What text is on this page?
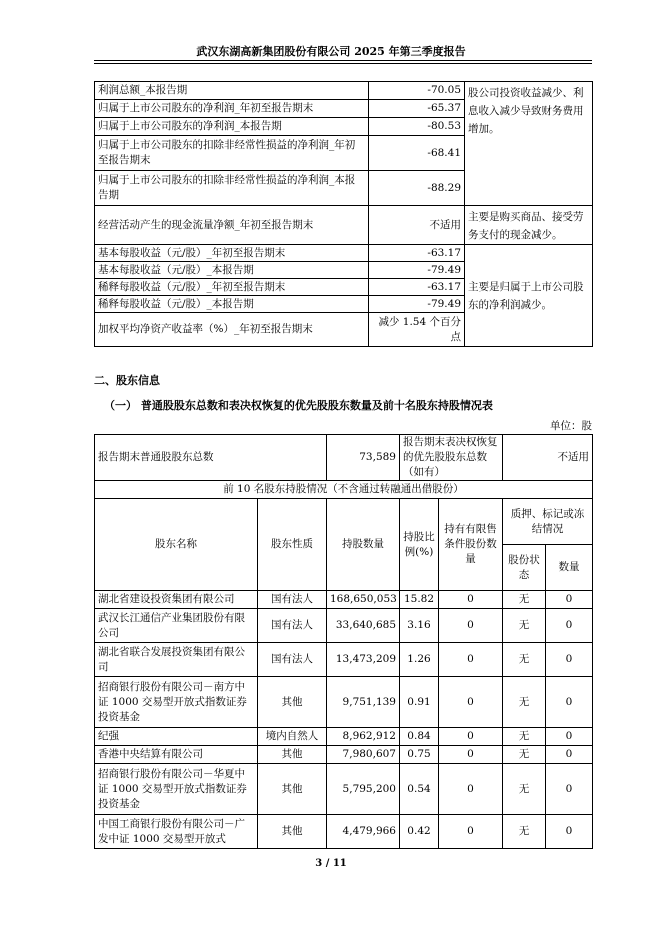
武汉东湖高新集团股份有限公司 2025 年第三季度报告
利润总额_本报告期	-70.05	股公司投资收益减少、利息收入减少导致财务费用增加。
归属于上市公司股东的净利润_年初至报告期末	-65.37	
归属于上市公司股东的净利润_本报告期	-80.53	
归属于上市公司股东的扣除非经常性损益的净利润_年初至报告期末	-68.41	
归属于上市公司股东的扣除非经常性损益的净利润_本报告期	-88.29	
经营活动产生的现金流量净额_年初至报告期末	不适用	主要是购买商品、接受劳务支付的现金减少。
基本每股收益（元/股）_年初至报告期末	-63.17	主要是归属于上市公司股东的净利润减少。
基本每股收益（元/股）_本报告期	-79.49	
稀释每股收益（元/股）_年初至报告期末	-63.17	
稀释每股收益（元/股）_本报告期	-79.49	
加权平均净资产收益率（%）_年初至报告期末	减少 1.54 个百分点	
二、股东信息
（一） 普通股股东总数和表决权恢复的优先股股东数量及前十名股东持股情况表
单位：股
报告期末普通股股东总数		73,589	报告期末表决权恢复的优先股股东总数（如有）		不适用	
前 10 名股东持股情况（不含通过转融通出借股份）						
股东名称	股东性质	持股数量	持股比例(%)	持有有限售条件股份数量	质押、标记或冻结情况	
					股份状态	数量
湖北省建设投资集团有限公司	国有法人	168,650,053	15.82	0	无	0
武汉长江通信产业集团股份有限公司	国有法人	33,640,685	3.16	0	无	0
湖北省联合发展投资集团有限公司	国有法人	13,473,209	1.26	0	无	0
招商银行股份有限公司－南方中证 1000 交易型开放式指数证券投资基金	其他	9,751,139	0.91	0	无	0
纪强	境内自然人	8,962,912	0.84	0	无	0
香港中央结算有限公司	其他	7,980,607	0.75	0	无	0
招商银行股份有限公司－华夏中证 1000 交易型开放式指数证券投资基金	其他	5,795,200	0.54	0	无	0
中国工商银行股份有限公司－广发中证 1000 交易型开放式	其他	4,479,966	0.42	0	无	0
3 / 11
